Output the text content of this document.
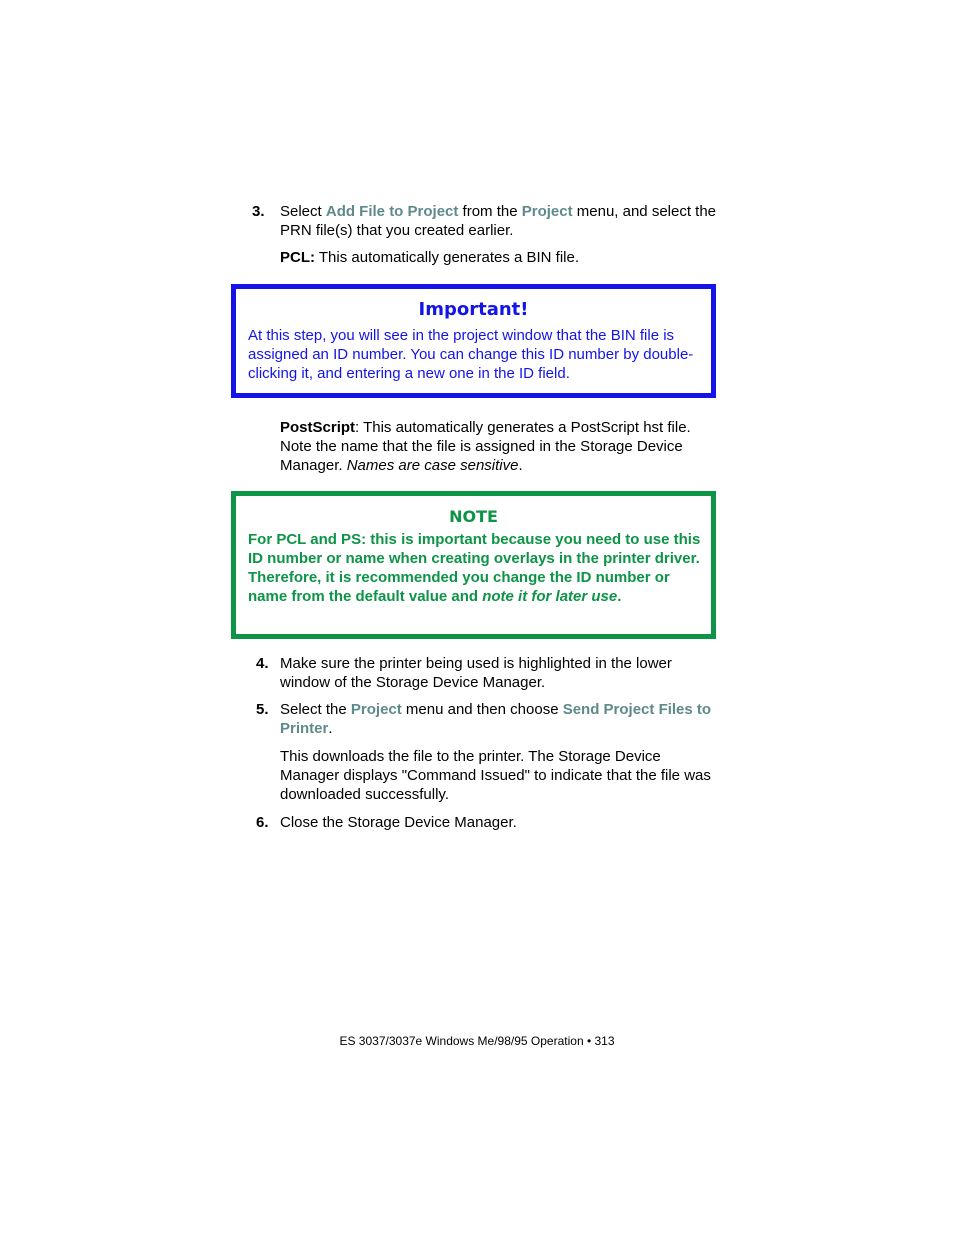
3. Select Add File to Project from the Project menu, and select the PRN file(s) that you created earlier.
PCL: This automatically generates a BIN file.
Important!
At this step, you will see in the project window that the BIN file is assigned an ID number. You can change this ID number by double-clicking it, and entering a new one in the ID field.
PostScript: This automatically generates a PostScript hst file. Note the name that the file is assigned in the Storage Device Manager. Names are case sensitive.
NOTE
For PCL and PS: this is important because you need to use this ID number or name when creating overlays in the printer driver. Therefore, it is recommended you change the ID number or name from the default value and note it for later use.
4. Make sure the printer being used is highlighted in the lower window of the Storage Device Manager.
5. Select the Project menu and then choose Send Project Files to Printer.
This downloads the file to the printer. The Storage Device Manager displays "Command Issued" to indicate that the file was downloaded successfully.
6. Close the Storage Device Manager.
ES 3037/3037e Windows Me/98/95 Operation • 313
